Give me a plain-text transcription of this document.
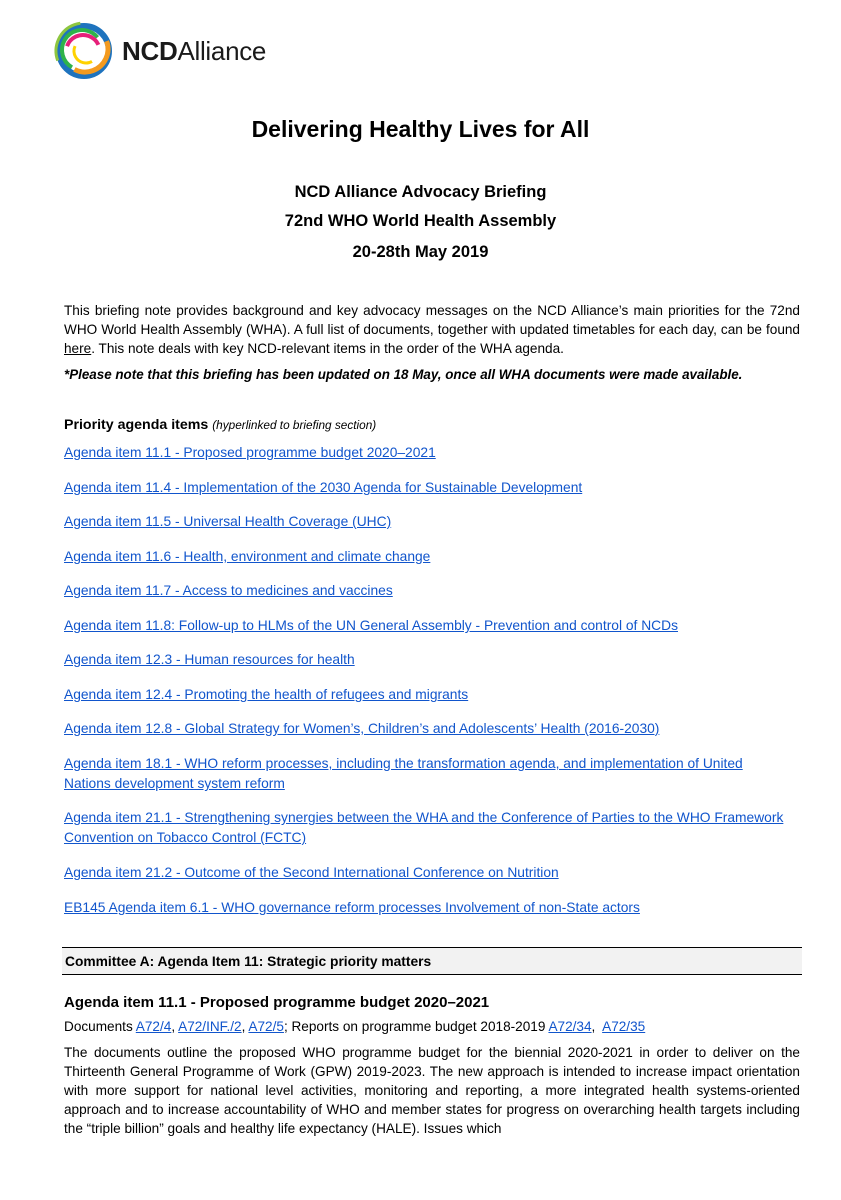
NCDAlliance
Delivering Healthy Lives for All
NCD Alliance Advocacy Briefing
72nd WHO World Health Assembly
20-28th May 2019
This briefing note provides background and key advocacy messages on the NCD Alliance’s main priorities for the 72nd WHO World Health Assembly (WHA). A full list of documents, together with updated timetables for each day, can be found here. This note deals with key NCD-relevant items in the order of the WHA agenda.
*Please note that this briefing has been updated on 18 May, once all WHA documents were made available.
Priority agenda items (hyperlinked to briefing section)
Agenda item 11.1 - Proposed programme budget 2020–2021
Agenda item 11.4 - Implementation of the 2030 Agenda for Sustainable Development
Agenda item 11.5 - Universal Health Coverage (UHC)
Agenda item 11.6 - Health, environment and climate change
Agenda item 11.7 - Access to medicines and vaccines
Agenda item 11.8: Follow-up to HLMs of the UN General Assembly - Prevention and control of NCDs
Agenda item 12.3 - Human resources for health
Agenda item 12.4 - Promoting the health of refugees and migrants
Agenda item 12.8 - Global Strategy for Women’s, Children’s and Adolescents’ Health (2016-2030)
Agenda item 18.1 - WHO reform processes, including the transformation agenda, and implementation of United Nations development system reform
Agenda item 21.1 - Strengthening synergies between the WHA and the Conference of Parties to the WHO Framework Convention on Tobacco Control (FCTC)
Agenda item 21.2 - Outcome of the Second International Conference on Nutrition
EB145 Agenda item 6.1 - WHO governance reform processes Involvement of non-State actors
Committee A: Agenda Item 11: Strategic priority matters
Agenda item 11.1 - Proposed programme budget 2020–2021
Documents A72/4, A72/INF./2, A72/5; Reports on programme budget 2018-2019 A72/34,  A72/35
The documents outline the proposed WHO programme budget for the biennial 2020-2021 in order to deliver on the Thirteenth General Programme of Work (GPW) 2019-2023. The new approach is intended to increase impact orientation with more support for national level activities, monitoring and reporting, a more integrated health systems-oriented approach and to increase accountability of WHO and member states for progress on overarching health targets including the “triple billion” goals and healthy life expectancy (HALE). Issues which
